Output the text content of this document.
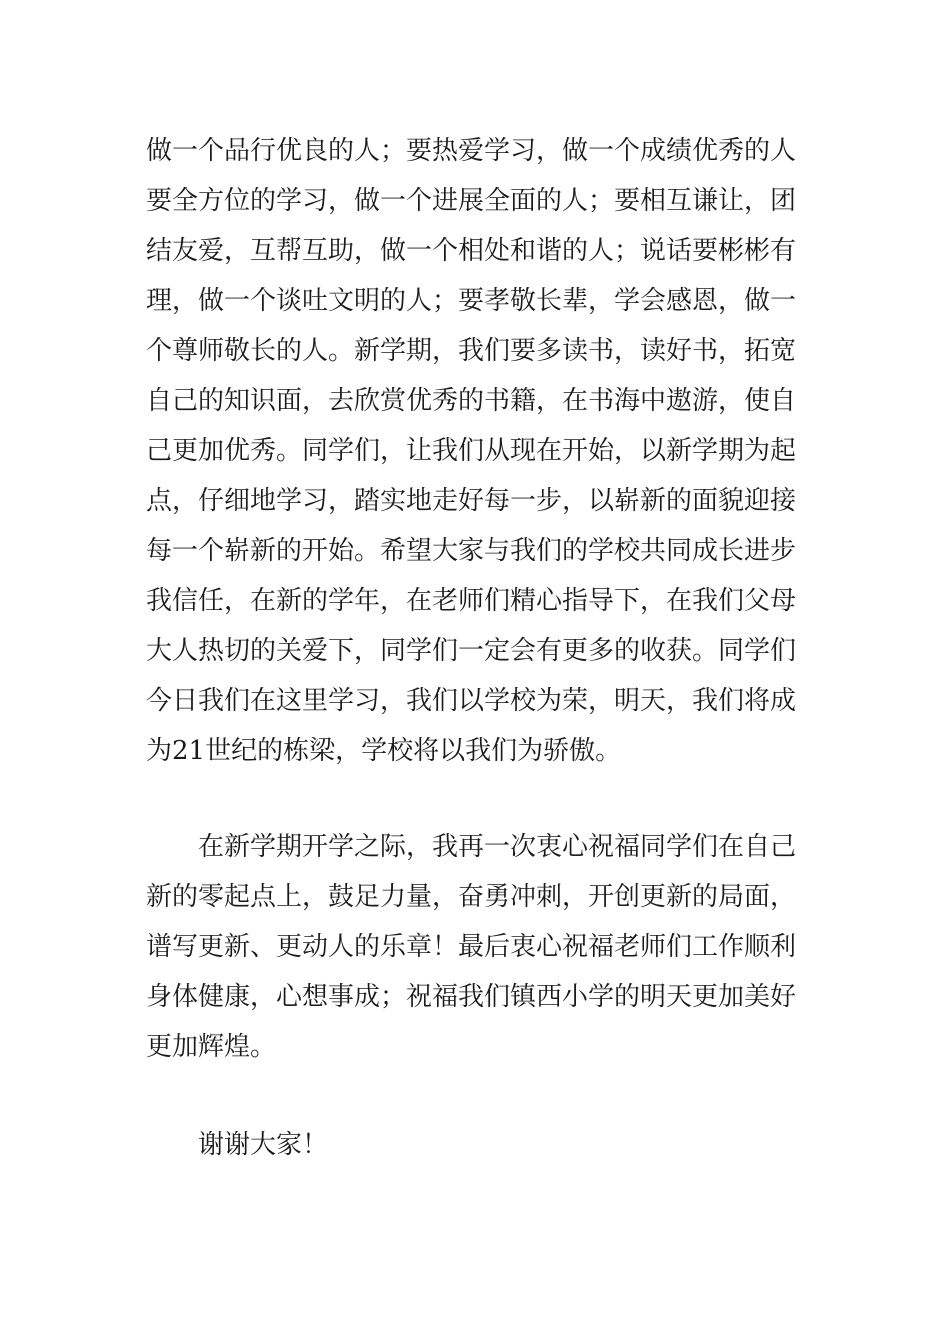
做一个品行优良的人；要热爱学习，做一个成绩优秀的人
要全方位的学习，做一个进展全面的人；要相互谦让，团
结友爱，互帮互助，做一个相处和谐的人；说话要彬彬有
理，做一个谈吐文明的人；要孝敬长辈，学会感恩，做一
个尊师敬长的人。新学期，我们要多读书，读好书，拓宽
自己的知识面，去欣赏优秀的书籍，在书海中遨游，使自
己更加优秀。同学们，让我们从现在开始，以新学期为起
点，仔细地学习，踏实地走好每一步，以崭新的面貌迎接
每一个崭新的开始。希望大家与我们的学校共同成长进步
我信任，在新的学年，在老师们精心指导下，在我们父母
大人热切的关爱下，同学们一定会有更多的收获。同学们
今日我们在这里学习，我们以学校为荣，明天，我们将成
为21世纪的栋梁，学校将以我们为骄傲。
在新学期开学之际，我再一次衷心祝福同学们在自己
新的零起点上，鼓足力量，奋勇冲刺，开创更新的局面，
谱写更新、更动人的乐章！最后衷心祝福老师们工作顺利
身体健康，心想事成；祝福我们镇西小学的明天更加美好
更加辉煌。
谢谢大家！
